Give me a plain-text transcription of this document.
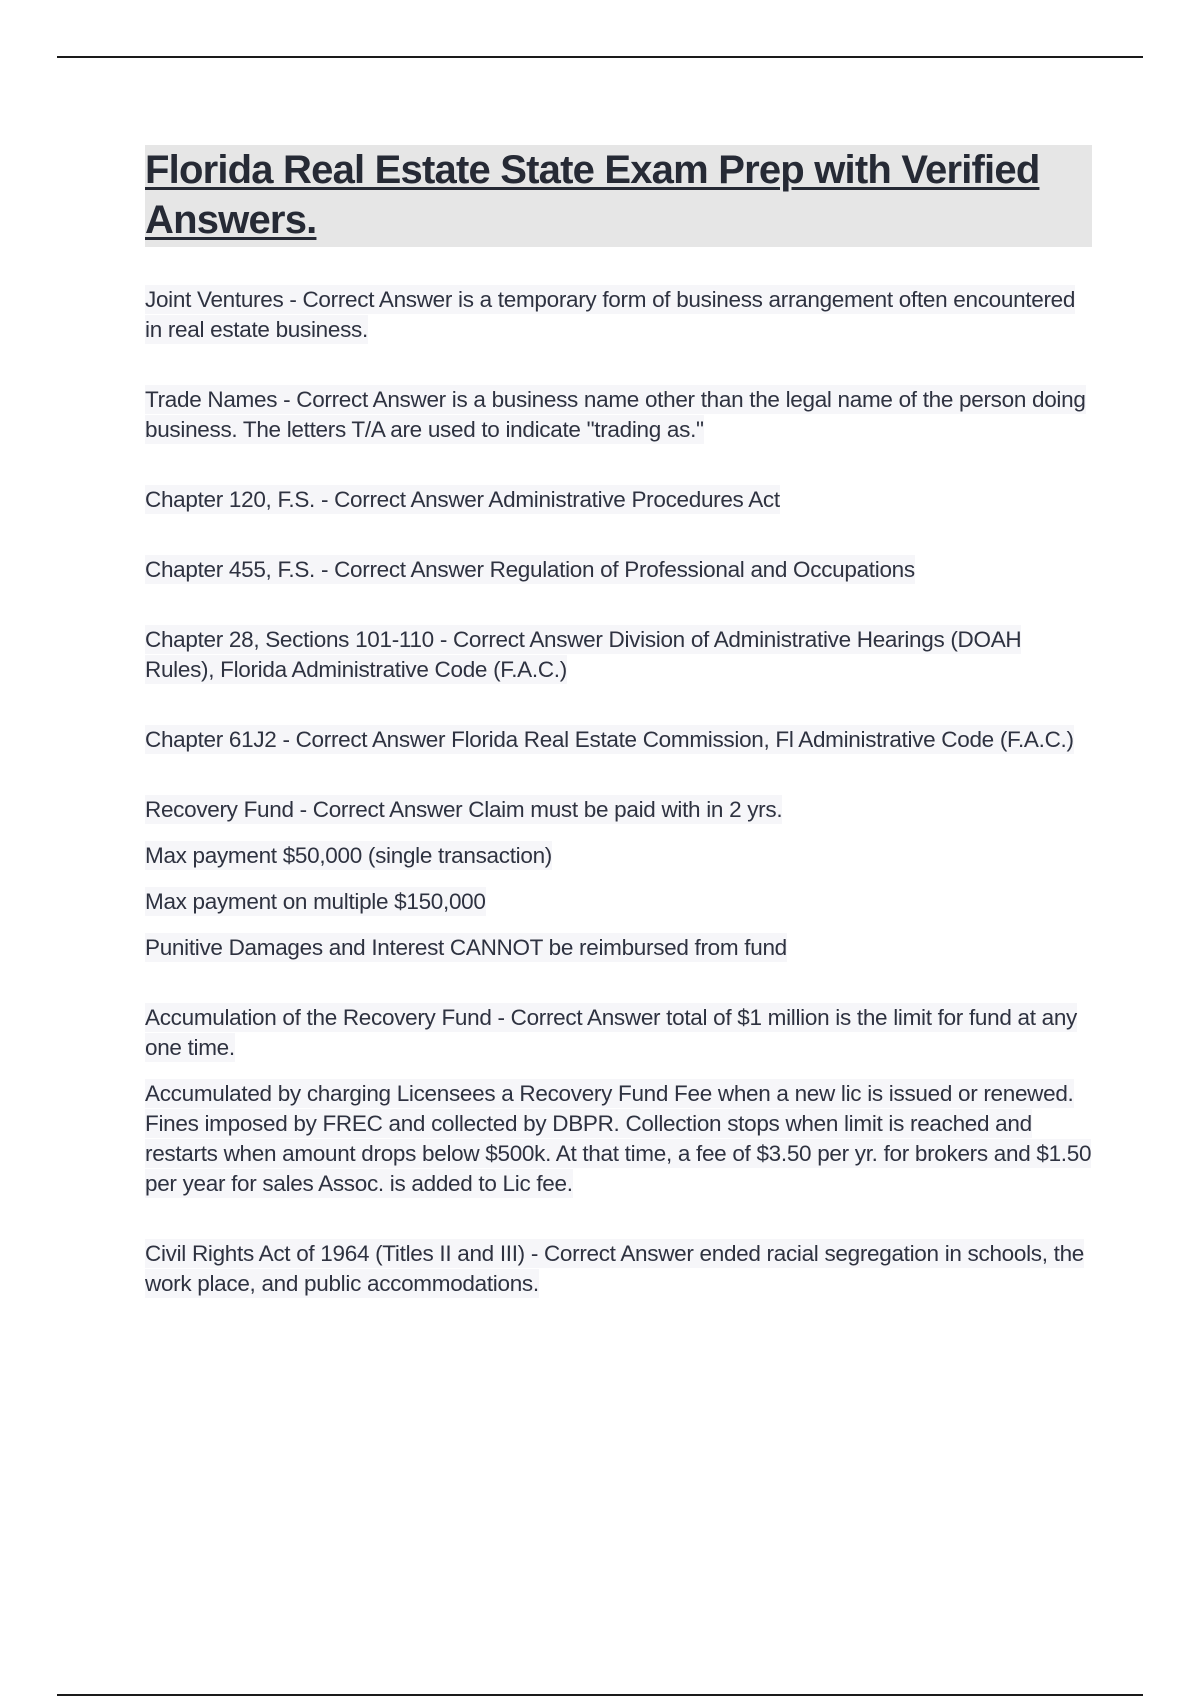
Florida Real Estate State Exam Prep with Verified Answers.

Joint Ventures - Correct Answer is a temporary form of business arrangement often encountered in real estate business.

Trade Names - Correct Answer is a business name other than the legal name of the person doing business. The letters T/A are used to indicate "trading as."

Chapter 120, F.S. - Correct Answer Administrative Procedures Act

Chapter 455, F.S. - Correct Answer Regulation of Professional and Occupations

Chapter 28, Sections 101-110 - Correct Answer Division of Administrative Hearings (DOAH Rules), Florida Administrative Code (F.A.C.)

Chapter 61J2 - Correct Answer Florida Real Estate Commission, Fl Administrative Code (F.A.C.)

Recovery Fund - Correct Answer Claim must be paid with in 2 yrs.

Max payment $50,000 (single transaction)

Max payment on multiple $150,000

Punitive Damages and Interest CANNOT be reimbursed from fund

Accumulation of the Recovery Fund - Correct Answer total of $1 million is the limit for fund at any one time.

Accumulated by charging Licensees a Recovery Fund Fee when a new lic is issued or renewed. Fines imposed by FREC and collected by DBPR. Collection stops when limit is reached and restarts when amount drops below $500k. At that time, a fee of $3.50 per yr. for brokers and $1.50 per year for sales Assoc. is added to Lic fee.

Civil Rights Act of 1964 (Titles II and III) - Correct Answer ended racial segregation in schools, the work place, and public accommodations.
